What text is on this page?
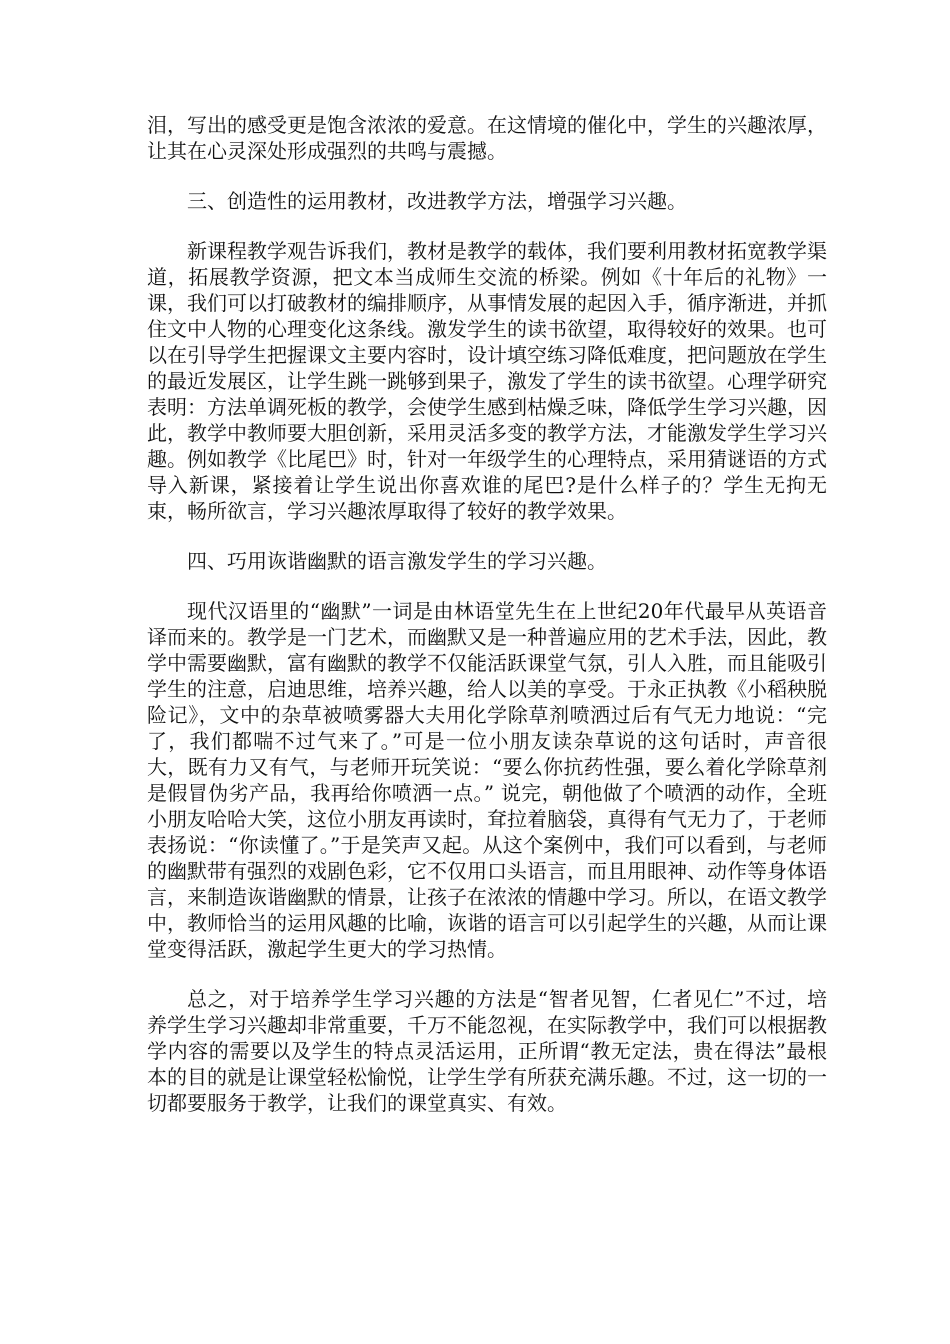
泪，写出的感受更是饱含浓浓的爱意。在这情境的催化中，学生的兴趣浓厚，让其在心灵深处形成强烈的共鸣与震撼。

三、创造性的运用教材，改进教学方法，增强学习兴趣。

新课程教学观告诉我们，教材是教学的载体，我们要利用教材拓宽教学渠道，拓展教学资源，把文本当成师生交流的桥梁。例如《十年后的礼物》一课，我们可以打破教材的编排顺序，从事情发展的起因入手，循序渐进，并抓住文中人物的心理变化这条线。激发学生的读书欲望，取得较好的效果。也可以在引导学生把握课文主要内容时，设计填空练习降低难度，把问题放在学生的最近发展区，让学生跳一跳够到果子，激发了学生的读书欲望。心理学研究表明：方法单调死板的教学，会使学生感到枯燥乏味，降低学生学习兴趣，因此，教学中教师要大胆创新，采用灵活多变的教学方法，才能激发学生学习兴趣。例如教学《比尾巴》时，针对一年级学生的心理特点，采用猜谜语的方式导入新课，紧接着让学生说出你喜欢谁的尾巴?是什么样子的？学生无拘无束，畅所欲言，学习兴趣浓厚取得了较好的教学效果。

四、巧用诙谐幽默的语言激发学生的学习兴趣。

现代汉语里的“幽默”一词是由林语堂先生在上世纪20年代最早从英语音译而来的。教学是一门艺术，而幽默又是一种普遍应用的艺术手法，因此，教学中需要幽默，富有幽默的教学不仅能活跃课堂气氛，引人入胜，而且能吸引学生的注意，启迪思维，培养兴趣，给人以美的享受。于永正执教《小稻秧脱险记》，文中的杂草被喷雾器大夫用化学除草剂喷洒过后有气无力地说：“完了，我们都喘不过气来了。”可是一位小朋友读杂草说的这句话时，声音很大，既有力又有气，与老师开玩笑说：“要么你抗药性强，要么着化学除草剂是假冒伪劣产品，我再给你喷洒一点。” 说完，朝他做了个喷洒的动作，全班小朋友哈哈大笑，这位小朋友再读时，耷拉着脑袋，真得有气无力了，于老师表扬说：“你读懂了。”于是笑声又起。从这个案例中，我们可以看到，与老师的幽默带有强烈的戏剧色彩，它不仅用口头语言，而且用眼神、动作等身体语言，来制造诙谐幽默的情景，让孩子在浓浓的情趣中学习。所以，在语文教学中，教师恰当的运用风趣的比喻，诙谐的语言可以引起学生的兴趣，从而让课堂变得活跃，激起学生更大的学习热情。

总之，对于培养学生学习兴趣的方法是“智者见智，仁者见仁”不过，培养学生学习兴趣却非常重要，千万不能忽视，在实际教学中，我们可以根据教学内容的需要以及学生的特点灵活运用，正所谓“教无定法，贵在得法”最根本的目的就是让课堂轻松愉悦，让学生学有所获充满乐趣。不过，这一切的一切都要服务于教学，让我们的课堂真实、有效。
